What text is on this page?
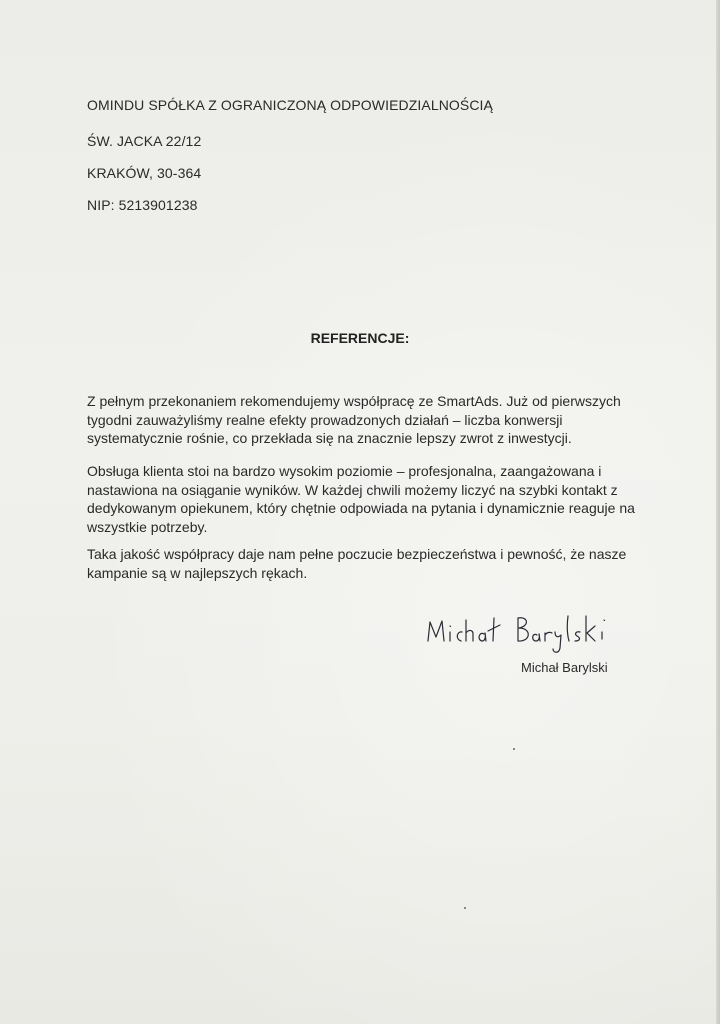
OMINDU SPÓŁKA Z OGRANICZONĄ ODPOWIEDZIALNOŚCIĄ
ŚW. JACKA 22/12
KRAKÓW, 30-364
NIP: 5213901238
REFERENCJE:
Z pełnym przekonaniem rekomendujemy współpracę ze SmartAds. Już od pierwszych
tygodni zauważyliśmy realne efekty prowadzonych działań – liczba konwersji
systematycznie rośnie, co przekłada się na znacznie lepszy zwrot z inwestycji.
Obsługa klienta stoi na bardzo wysokim poziomie – profesjonalna, zaangażowana i
nastawiona na osiąganie wyników. W każdej chwili możemy liczyć na szybki kontakt z
dedykowanym opiekunem, który chętnie odpowiada na pytania i dynamicznie reaguje na
wszystkie potrzeby.
Taka jakość współpracy daje nam pełne poczucie bezpieczeństwa i pewność, że nasze
kampanie są w najlepszych rękach.
Michał Barylski
